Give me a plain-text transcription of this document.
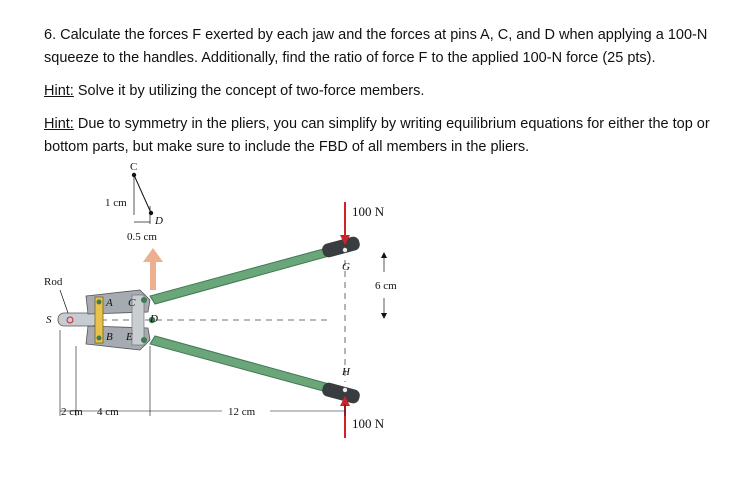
6. Calculate the forces F exerted by each jaw and the forces at pins A, C, and D when applying a 100-N squeeze to the handles. Additionally, find the ratio of force F to the applied 100-N force (25 pts).

Hint: Solve it by utilizing the concept of two-force members.

Hint: Due to symmetry in the pliers, you can simplify by writing equilibrium equations for either the top or bottom parts, but make sure to include the FBD of all members in the pliers.

C
1 cm
D
0.5 cm
S
Rod
A C
D
B E
G
H
100 N
100 N
6 cm
2 cm 4 cm	12 cm
